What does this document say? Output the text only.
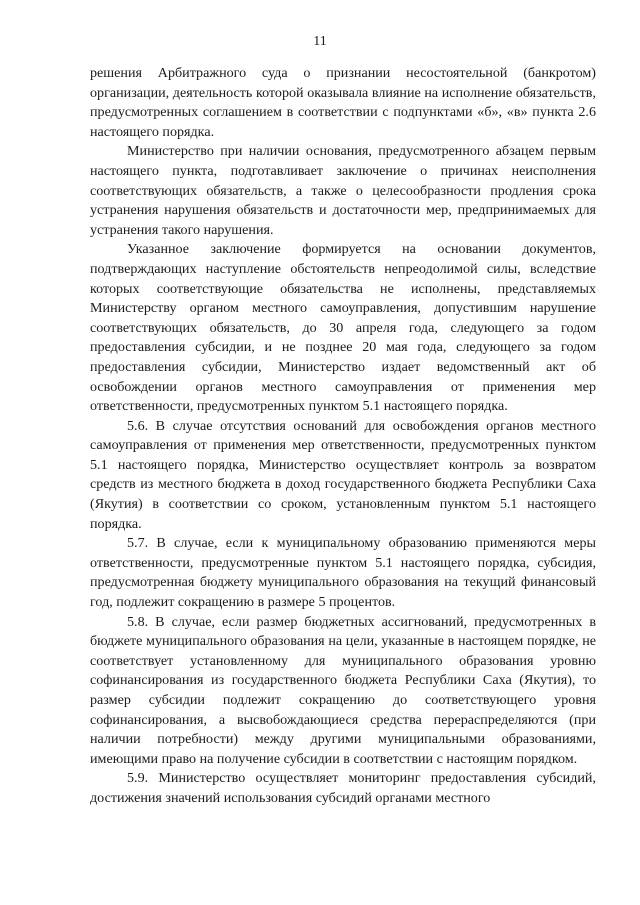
11

решения Арбитражного суда о признании несостоятельной (банкротом) организации, деятельность которой оказывала влияние на исполнение обязательств, предусмотренных соглашением в соответствии с подпунктами «б», «в» пункта 2.6 настоящего порядка.

Министерство при наличии основания, предусмотренного абзацем первым настоящего пункта, подготавливает заключение о причинах неисполнения соответствующих обязательств, а также о целесообразности продления срока устранения нарушения обязательств и достаточности мер, предпринимаемых для устранения такого нарушения.

Указанное заключение формируется на основании документов, подтверждающих наступление обстоятельств непреодолимой силы, вследствие которых соответствующие обязательства не исполнены, представляемых Министерству органом местного самоуправления, допустившим нарушение соответствующих обязательств, до 30 апреля года, следующего за годом предоставления субсидии, и не позднее 20 мая года, следующего за годом предоставления субсидии, Министерство издает ведомственный акт об освобождении органов местного самоуправления от применения мер ответственности, предусмотренных пунктом 5.1 настоящего порядка.

5.6. В случае отсутствия оснований для освобождения органов местного самоуправления от применения мер ответственности, предусмотренных пунктом 5.1 настоящего порядка, Министерство осуществляет контроль за возвратом средств из местного бюджета в доход государственного бюджета Республики Саха (Якутия) в соответствии со сроком, установленным пунктом 5.1 настоящего порядка.

5.7. В случае, если к муниципальному образованию применяются меры ответственности, предусмотренные пунктом 5.1 настоящего порядка, субсидия, предусмотренная бюджету муниципального образования на текущий финансовый год, подлежит сокращению в размере 5 процентов.

5.8. В случае, если размер бюджетных ассигнований, предусмотренных в бюджете муниципального образования на цели, указанные в настоящем порядке, не соответствует установленному для муниципального образования уровню софинансирования из государственного бюджета Республики Саха (Якутия), то размер субсидии подлежит сокращению до соответствующего уровня софинансирования, а высвобождающиеся средства перераспределяются (при наличии потребности) между другими муниципальными образованиями, имеющими право на получение субсидии в соответствии с настоящим порядком.

5.9. Министерство осуществляет мониторинг предоставления субсидий, достижения значений использования субсидий органами местного
